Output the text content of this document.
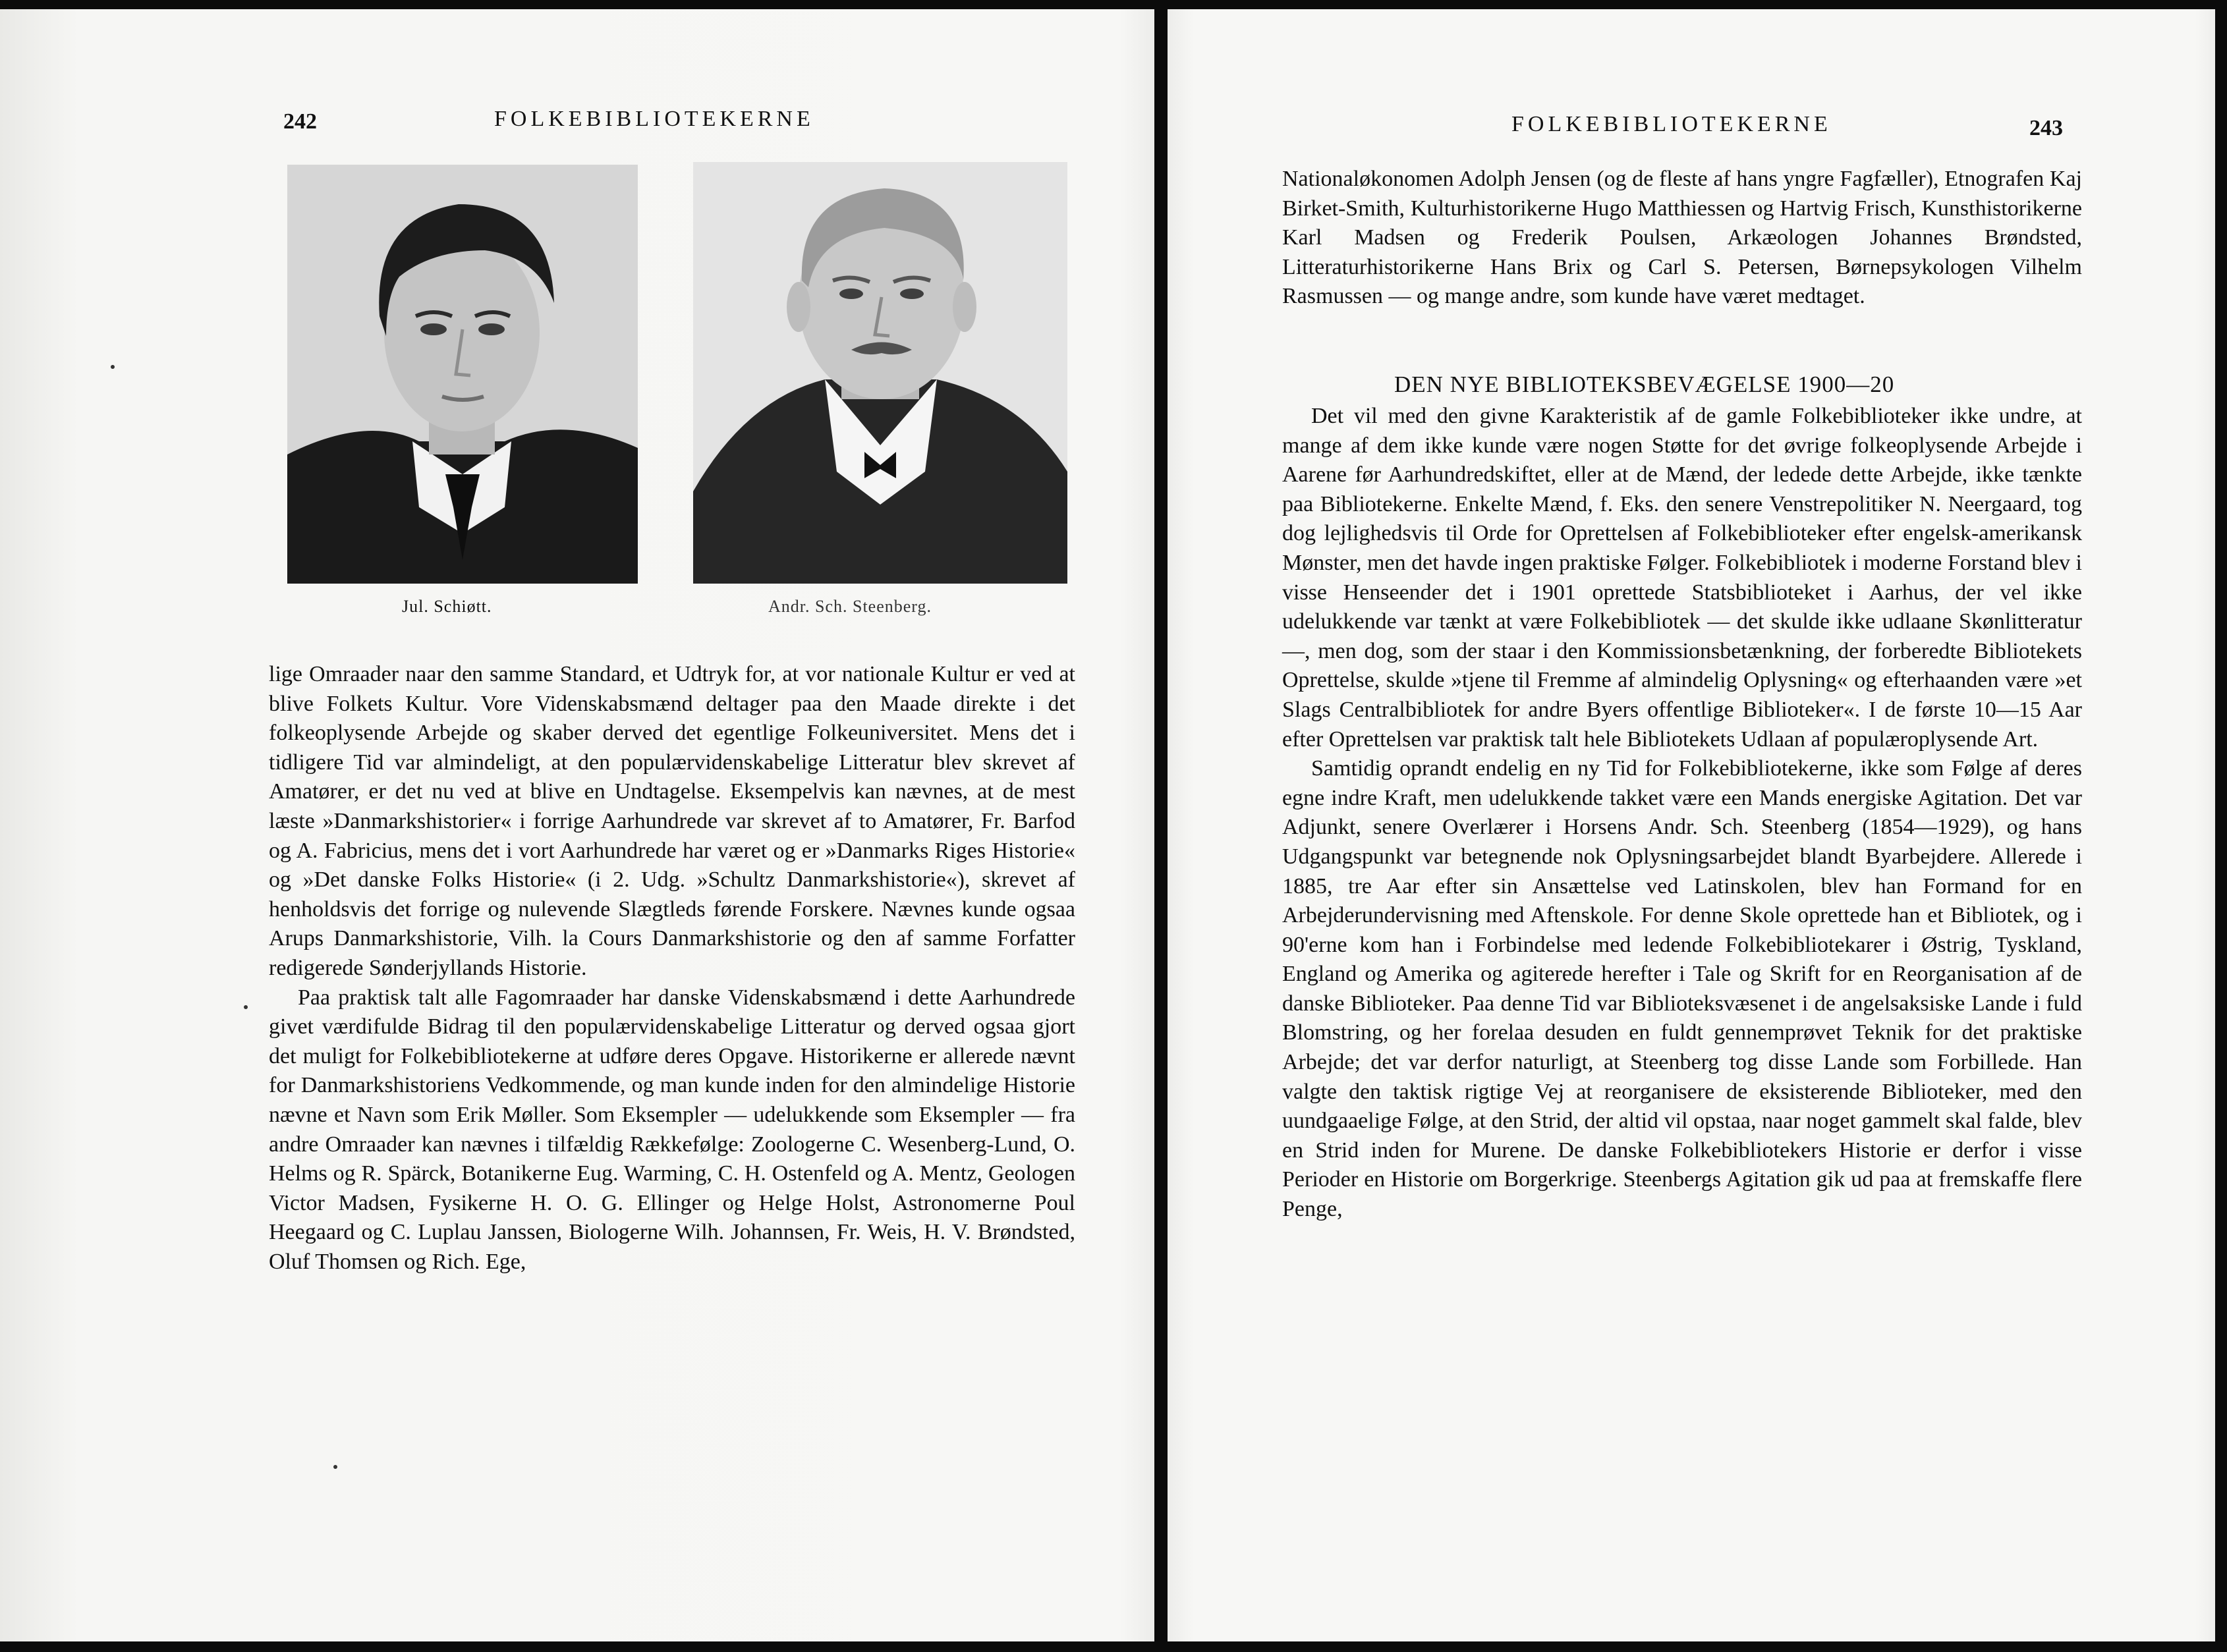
242	FOLKEBIBLIOTEKERNE
Jul. Schiøtt.	Andr. Sch. Steenberg.

lige Omraader naar den samme Standard, et Udtryk for, at vor nationale Kultur er ved at blive Folkets Kultur. Vore Videnskabsmænd deltager paa den Maade direkte i det folkeoplysende Arbejde og skaber derved det egentlige Folkeuniversitet. Mens det i tidligere Tid var almindeligt, at den populærvidenskabelige Litteratur blev skrevet af Amatører, er det nu ved at blive en Undtagelse. Eksempelvis kan nævnes, at de mest læste »Danmarkshistorier« i forrige Aarhundrede var skrevet af to Amatører, Fr. Barfod og A. Fabricius, mens det i vort Aarhundrede har været og er »Danmarks Riges Historie« og »Det danske Folks Historie« (i 2. Udg. »Schultz Danmarkshistorie«), skrevet af henholdsvis det forrige og nulevende Slægtleds førende Forskere. Nævnes kunde ogsaa Arups Danmarkshistorie, Vilh. la Cours Danmarkshistorie og den af samme Forfatter redigerede Sønderjyllands Historie.

Paa praktisk talt alle Fagomraader har danske Videnskabsmænd i dette Aarhundrede givet værdifulde Bidrag til den populærvidenskabelige Litteratur og derved ogsaa gjort det muligt for Folkebibliotekerne at udføre deres Opgave. Historikerne er allerede nævnt for Danmarkshistoriens Vedkommende, og man kunde inden for den almindelige Historie nævne et Navn som Erik Møller. Som Eksempler — udelukkende som Eksempler — fra andre Omraader kan nævnes i tilfældig Rækkefølge: Zoologerne C. Wesenberg-Lund, O. Helms og R. Spärck, Botanikerne Eug. Warming, C. H. Ostenfeld og A. Mentz, Geologen Victor Madsen, Fysikerne H. O. G. Ellinger og Helge Holst, Astronomerne Poul Heegaard og C. Luplau Janssen, Biologerne Wilh. Johannsen, Fr. Weis, H. V. Brøndsted, Oluf Thomsen og Rich. Ege,

FOLKEBIBLIOTEKERNE	243

Nationaløkonomen Adolph Jensen (og de fleste af hans yngre Fagfæller), Etnografen Kaj Birket-Smith, Kulturhistorikerne Hugo Matthiessen og Hartvig Frisch, Kunsthistorikerne Karl Madsen og Frederik Poulsen, Arkæologen Johannes Brøndsted, Litteraturhistorikerne Hans Brix og Carl S. Petersen, Børnepsykologen Vilhelm Rasmussen — og mange andre, som kunde have været medtaget.

DEN NYE BIBLIOTEKSBEVÆGELSE 1900—20

Det vil med den givne Karakteristik af de gamle Folkebiblioteker ikke undre, at mange af dem ikke kunde være nogen Støtte for det øvrige folkeoplysende Arbejde i Aarene før Aarhundredskiftet, eller at de Mænd, der ledede dette Arbejde, ikke tænkte paa Bibliotekerne. Enkelte Mænd, f. Eks. den senere Venstrepolitiker N. Neergaard, tog dog lejlighedsvis til Orde for Oprettelsen af Folkebiblioteker efter engelsk-amerikansk Mønster, men det havde ingen praktiske Følger. Folkebibliotek i moderne Forstand blev i visse Henseender det i 1901 oprettede Statsbiblioteket i Aarhus, der vel ikke udelukkende var tænkt at være Folkebibliotek — det skulde ikke udlaane Skønlitteratur —, men dog, som der staar i den Kommissionsbetænkning, der forberedte Bibliotekets Oprettelse, skulde »tjene til Fremme af almindelig Oplysning« og efterhaanden være »et Slags Centralbibliotek for andre Byers offentlige Biblioteker«. I de første 10—15 Aar efter Oprettelsen var praktisk talt hele Bibliotekets Udlaan af populæroplysende Art.

Samtidig oprandt endelig en ny Tid for Folkebibliotekerne, ikke som Følge af deres egne indre Kraft, men udelukkende takket være een Mands energiske Agitation. Det var Adjunkt, senere Overlærer i Horsens Andr. Sch. Steenberg (1854—1929), og hans Udgangspunkt var betegnende nok Oplysningsarbejdet blandt Byarbejdere. Allerede i 1885, tre Aar efter sin Ansættelse ved Latinskolen, blev han Formand for en Arbejderundervisning med Aftenskole. For denne Skole oprettede han et Bibliotek, og i 90'erne kom han i Forbindelse med ledende Folkebibliotekarer i Østrig, Tyskland, England og Amerika og agiterede herefter i Tale og Skrift for en Reorganisation af de danske Biblioteker. Paa denne Tid var Biblioteksvæsenet i de angelsaksiske Lande i fuld Blomstring, og her forelaa desuden en fuldt gennemprøvet Teknik for det praktiske Arbejde; det var derfor naturligt, at Steenberg tog disse Lande som Forbillede. Han valgte den taktisk rigtige Vej at reorganisere de eksisterende Biblioteker, med den uundgaaelige Følge, at den Strid, der altid vil opstaa, naar noget gammelt skal falde, blev en Strid inden for Murene. De danske Folkebibliotekers Historie er derfor i visse Perioder en Historie om Borgerkrige. Steenbergs Agitation gik ud paa at fremskaffe flere Penge,
